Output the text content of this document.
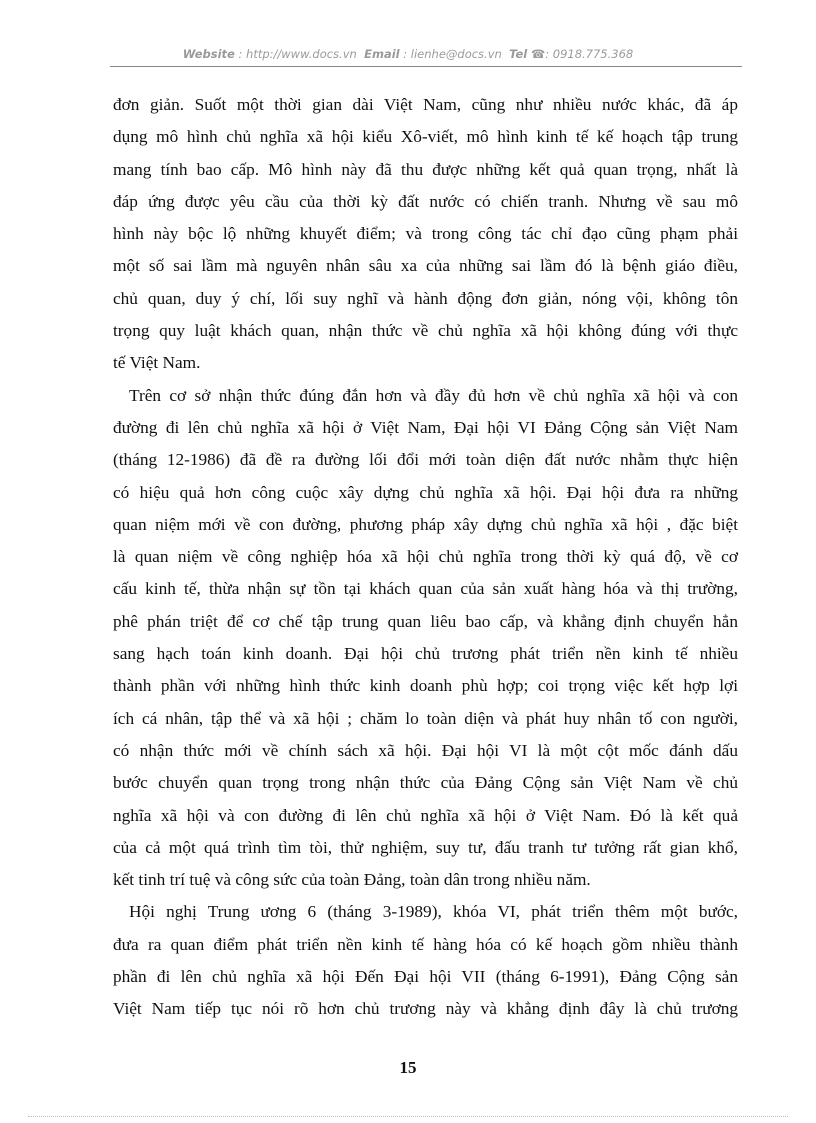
Website : http://www.docs.vn Email : lienhe@docs.vn Tel ☎: 0918.775.368
đơn giản. Suốt một thời gian dài Việt Nam, cũng như nhiều nước khác, đã áp
dụng mô hình chủ nghĩa xã hội kiểu Xô-viết, mô hình kinh tế kế hoạch tập trung
mang tính bao cấp. Mô hình này đã thu được những kết quả quan trọng, nhất là
đáp ứng được yêu cầu của thời kỳ đất nước có chiến tranh. Nhưng về sau mô
hình này bộc lộ những khuyết điểm; và trong công tác chỉ đạo cũng phạm phải
một số sai lầm mà nguyên nhân sâu xa của những sai lầm đó là bệnh giáo điều,
chủ quan, duy ý chí, lối suy nghĩ và hành động đơn giản, nóng vội, không tôn
trọng quy luật khách quan, nhận thức về chủ nghĩa xã hội không đúng với thực
tế Việt Nam.
Trên cơ sở nhận thức đúng đắn hơn và đầy đủ hơn về chủ nghĩa xã hội và con
đường đi lên chủ nghĩa xã hội ở Việt Nam, Đại hội VI Đảng Cộng sản Việt Nam
(tháng 12-1986) đã đề ra đường lối đổi mới toàn diện đất nước nhằm thực hiện
có hiệu quả hơn công cuộc xây dựng chủ nghĩa xã hội. Đại hội đưa ra những
quan niệm mới về con đường, phương pháp xây dựng chủ nghĩa xã hội , đặc biệt
là quan niệm về công nghiệp hóa xã hội chủ nghĩa trong thời kỳ quá độ, về cơ
cấu kinh tế, thừa nhận sự tồn tại khách quan của sản xuất hàng hóa và thị trường,
phê phán triệt để cơ chế tập trung quan liêu bao cấp, và khẳng định chuyển hẳn
sang hạch toán kinh doanh. Đại hội chủ trương phát triển nền kinh tế nhiều
thành phần với những hình thức kinh doanh phù hợp; coi trọng việc kết hợp lợi
ích cá nhân, tập thể và xã hội ; chăm lo toàn diện và phát huy nhân tố con người,
có nhận thức mới về chính sách xã hội. Đại hội VI là một cột mốc đánh dấu
bước chuyển quan trọng trong nhận thức của Đảng Cộng sản Việt Nam về chủ
nghĩa xã hội và con đường đi lên chủ nghĩa xã hội ở Việt Nam. Đó là kết quả
của cả một quá trình tìm tòi, thử nghiệm, suy tư, đấu tranh tư tưởng rất gian khổ,
kết tinh trí tuệ và công sức của toàn Đảng, toàn dân trong nhiều năm.
Hội nghị Trung ương 6 (tháng 3-1989), khóa VI, phát triển thêm một bước,
đưa ra quan điểm phát triển nền kinh tế hàng hóa có kế hoạch gồm nhiều thành
phần đi lên chủ nghĩa xã hội Đến Đại hội VII (tháng 6-1991), Đảng Cộng sản
Việt Nam tiếp tục nói rõ hơn chủ trương này và khẳng định đây là chủ trương
15
